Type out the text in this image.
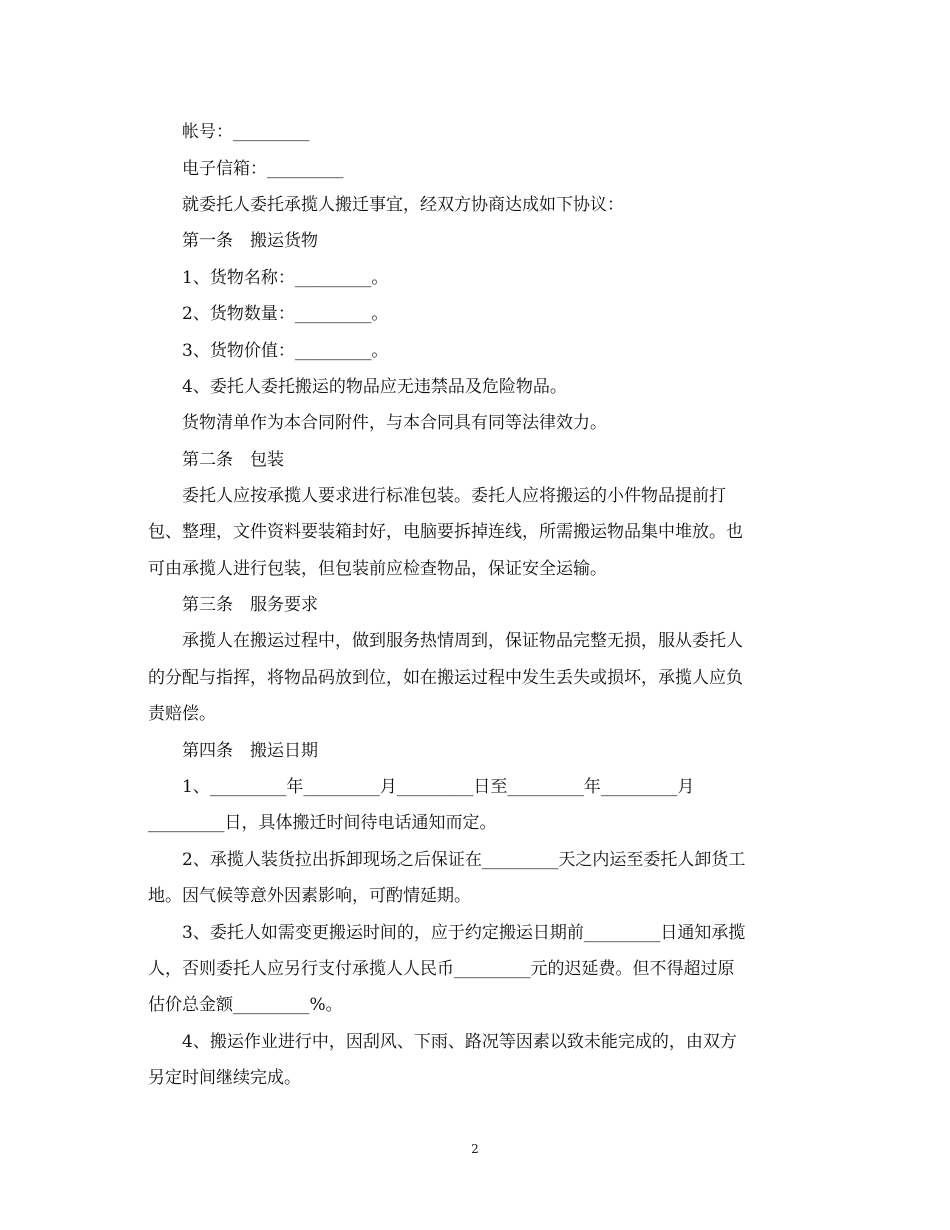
帐号：_________
电子信箱：_________
就委托人委托承揽人搬迁事宜，经双方协商达成如下协议：
第一条　搬运货物
1、货物名称：_________。
2、货物数量：_________。
3、货物价值：_________。
4、委托人委托搬运的物品应无违禁品及危险物品。
货物清单作为本合同附件，与本合同具有同等法律效力。
第二条　包装
委托人应按承揽人要求进行标准包装。委托人应将搬运的小件物品提前打
包、整理，文件资料要装箱封好，电脑要拆掉连线，所需搬运物品集中堆放。也
可由承揽人进行包装，但包装前应检查物品，保证安全运输。
第三条　服务要求
承揽人在搬运过程中，做到服务热情周到，保证物品完整无损，服从委托人
的分配与指挥，将物品码放到位，如在搬运过程中发生丢失或损坏，承揽人应负
责赔偿。
第四条　搬运日期
1、_________年_________月_________日至_________年_________月
_________日，具体搬迁时间待电话通知而定。
2、承揽人装货拉出拆卸现场之后保证在_________天之内运至委托人卸货工
地。因气候等意外因素影响，可酌情延期。
3、委托人如需变更搬运时间的，应于约定搬运日期前_________日通知承揽
人，否则委托人应另行支付承揽人人民币_________元的迟延费。但不得超过原
估价总金额_________%。
4、搬运作业进行中，因刮风、下雨、路况等因素以致未能完成的，由双方
另定时间继续完成。
2
